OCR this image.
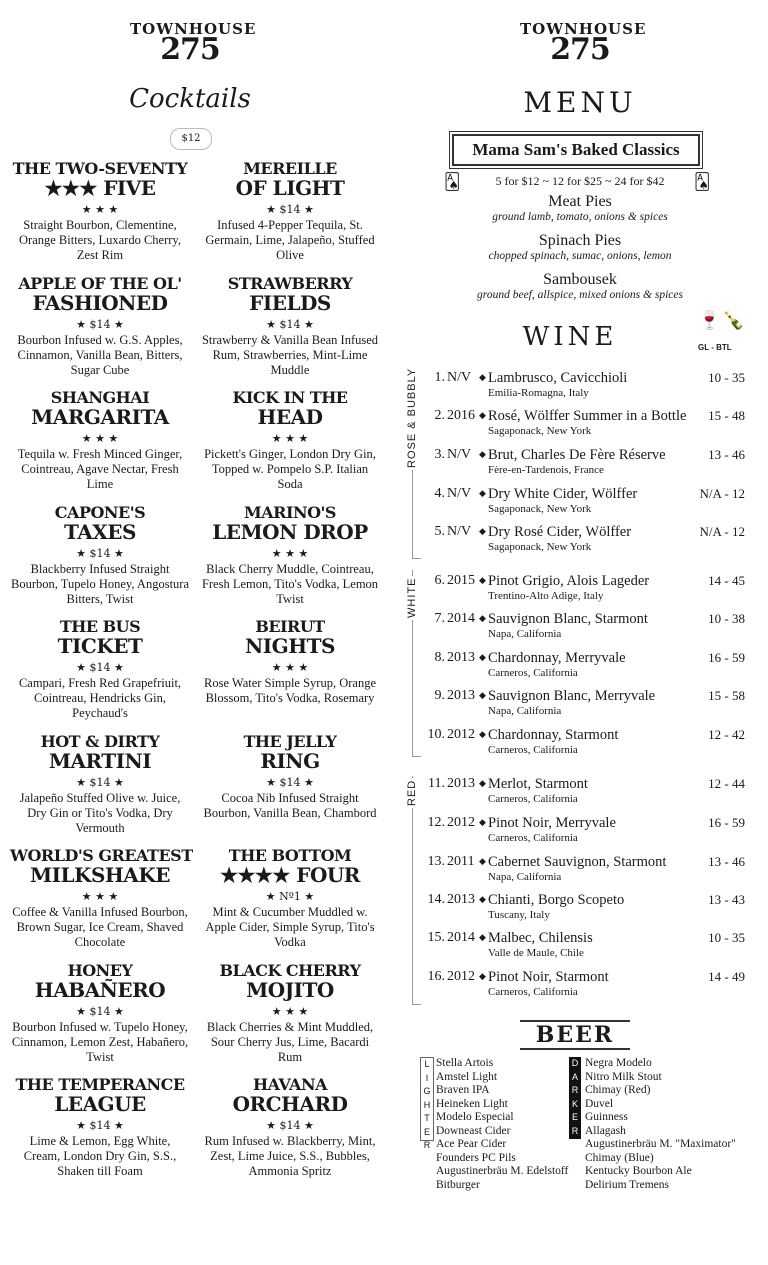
TOWNHOUSE
275
Cocktails
$12
THE TWO-SEVENTY
★★★ FIVE
★ ★ ★
Straight Bourbon, Clementine, Orange Bitters, Luxardo Cherry, Zest Rim
MEREILLE
OF LIGHT
★ $14 ★
Infused 4-Pepper Tequila, St. Germain, Lime, Jalapeño, Stuffed Olive
APPLE OF THE OL'
FASHIONED
★ $14 ★
Bourbon Infused w. G.S. Apples, Cinnamon, Vanilla Bean, Bitters, Sugar Cube
STRAWBERRY
FIELDS
★ $14 ★
Strawberry & Vanilla Bean Infused Rum, Strawberries, Mint-Lime Muddle
SHANGHAI
MARGARITA
★ ★ ★
Tequila w. Fresh Minced Ginger, Cointreau, Agave Nectar, Fresh Lime
KICK IN THE
HEAD
★ ★ ★
Pickett's Ginger, London Dry Gin, Topped w. Pompelo S.P. Italian Soda
CAPONE'S
TAXES
★ $14 ★
Blackberry Infused Straight Bourbon, Tupelo Honey, Angostura Bitters, Twist
MARINO'S
LEMON DROP
★ ★ ★
Black Cherry Muddle, Cointreau, Fresh Lemon, Tito's Vodka, Lemon Twist
THE BUS
TICKET
★ $14 ★
Campari, Fresh Red Grapefriuit, Cointreau, Hendricks Gin, Peychaud's
BEIRUT
NIGHTS
★ ★ ★
Rose Water Simple Syrup, Orange Blossom, Tito's Vodka, Rosemary
HOT & DIRTY
MARTINI
★ $14 ★
Jalapeño Stuffed Olive w. Juice, Dry Gin or Tito's Vodka, Dry Vermouth
THE JELLY
RING
★ $14 ★
Cocoa Nib Infused Straight Bourbon, Vanilla Bean, Chambord
WORLD'S GREATEST
MILKSHAKE
★ ★ ★
Coffee & Vanilla Infused Bourbon, Brown Sugar, Ice Cream, Shaved Chocolate
THE BOTTOM
★★★★ FOUR
★ Nº1 ★
Mint & Cucumber Muddled w. Apple Cider, Simple Syrup, Tito's Vodka
HONEY
HABAÑERO
★ $14 ★
Bourbon Infused w. Tupelo Honey, Cinnamon, Lemon Zest, Habañero, Twist
BLACK CHERRY
MOJITO
★ ★ ★
Black Cherries & Mint Muddled, Sour Cherry Jus, Lime, Bacardi Rum
THE TEMPERANCE
LEAGUE
★ $14 ★
Lime & Lemon, Egg White, Cream, London Dry Gin, S.S., Shaken till Foam
HAVANA
ORCHARD
★ $14 ★
Rum Infused w. Blackberry, Mint, Zest, Lime Juice, S.S., Bubbles, Ammonia Spritz
TOWNHOUSE
275
MENU
Mama Sam's Baked Classics
🂡	🂡
5 for $12 ~ 12 for $25 ~ 24 for $42
Meat Pies
ground lamb, tomato, onions & spices
Spinach Pies
chopped spinach, sumac, onions, lemon
Sambousek
ground beef, allspice, mixed onions & spices
WINE
🍷 🍾
GL - BTL
ROSE & BUBBLY
WHITE
RED
1. N/V ◆ Lambrusco, Cavicchioli
Emilia-Romagna, Italy
10 - 35
2. 2016 ◆ Rosé, Wölffer Summer in a Bottle
Sagaponack, New York
15 - 48
3. N/V ◆ Brut, Charles De Fère Réserve
Fère-en-Tardenois, France
13 - 46
4. N/V ◆ Dry White Cider, Wölffer
Sagaponack, New York
N/A - 12
5. N/V ◆ Dry Rosé Cider, Wölffer
Sagaponack, New York
N/A - 12
6. 2015 ◆ Pinot Grigio, Alois Lageder
Trentino-Alto Adige, Italy
14 - 45
7. 2014 ◆ Sauvignon Blanc, Starmont
Napa, California
10 - 38
8. 2013 ◆ Chardonnay, Merryvale
Carneros, California
16 - 59
9. 2013 ◆ Sauvignon Blanc, Merryvale
Napa, California
15 - 58
10. 2012 ◆ Chardonnay, Starmont
Carneros, California
12 - 42
11. 2013 ◆ Merlot, Starmont
Carneros, California
12 - 44
12. 2012 ◆ Pinot Noir, Merryvale
Carneros, California
16 - 59
13. 2011 ◆ Cabernet Sauvignon, Starmont
Napa, California
13 - 46
14. 2013 ◆ Chianti, Borgo Scopeto
Tuscany, Italy
13 - 43
15. 2014 ◆ Malbec, Chilensis
Valle de Maule, Chile
10 - 35
16. 2012 ◆ Pinot Noir, Starmont
Carneros, California
14 - 49
BEER
L
I
G
H
T
E
R
D
A
R
K
E
R
Stella Artois
Amstel Light
Braven IPA
Heineken Light
Modelo Especial
Downeast Cider
Ace Pear Cider
Founders PC Pils
Augustinerbräu M. Edelstoff
Bitburger
Negra Modelo
Nitro Milk Stout
Chimay (Red)
Duvel
Guinness
Allagash
Augustinerbräu M. "Maximator"
Chimay (Blue)
Kentucky Bourbon Ale
Delirium Tremens
